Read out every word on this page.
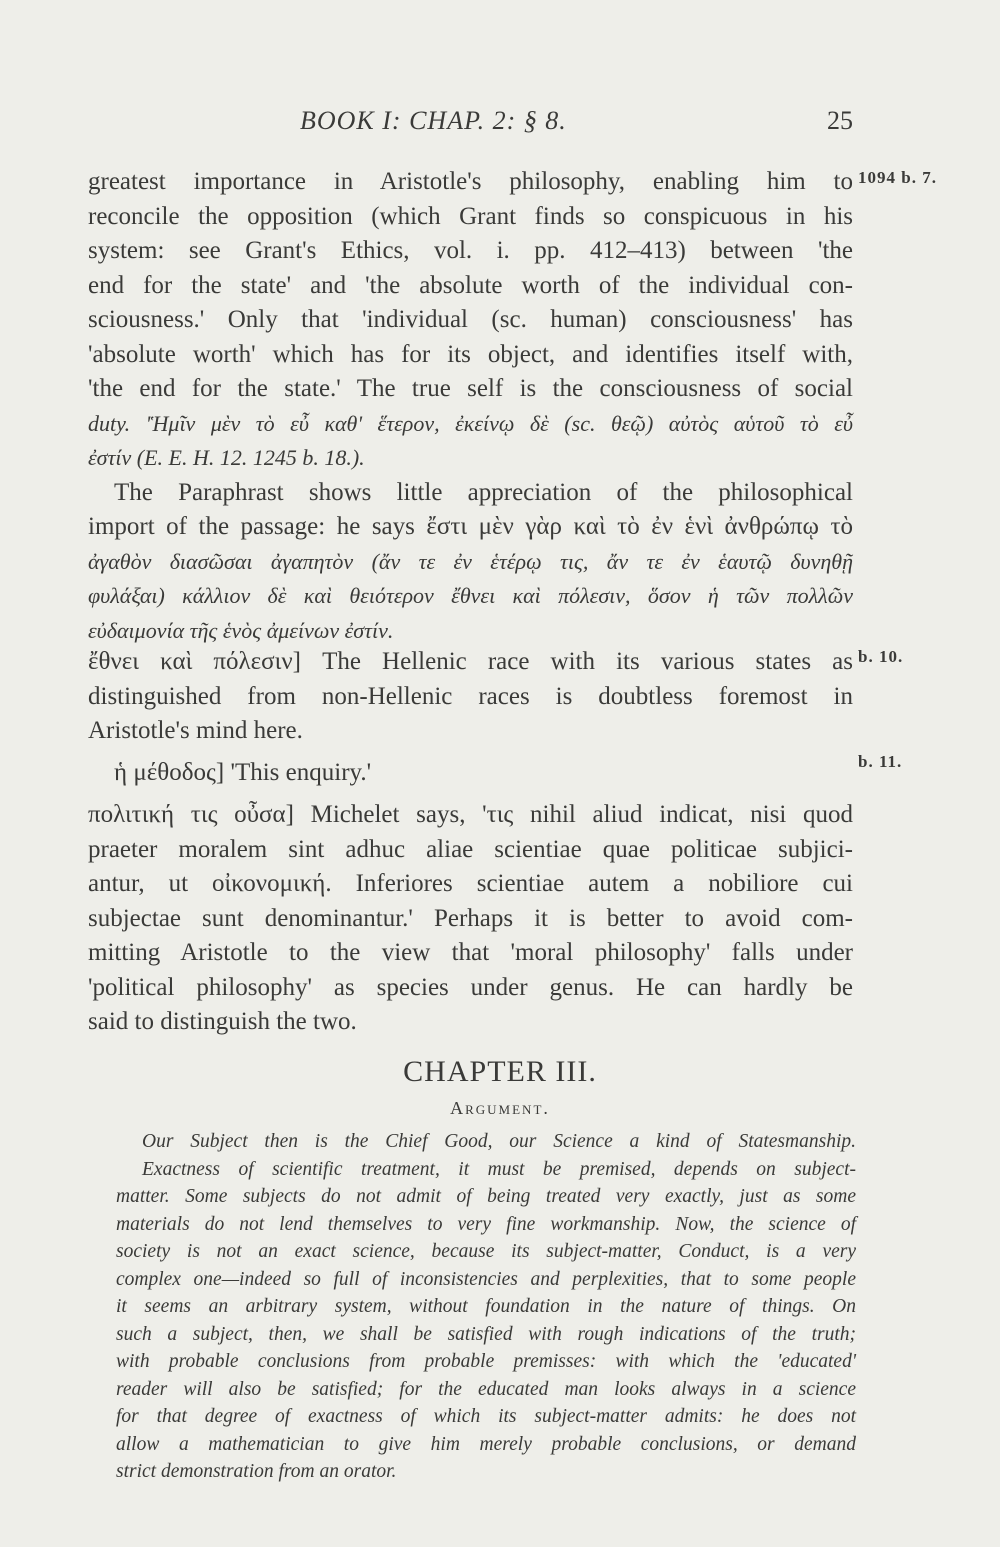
BOOK I: CHAP. 2: § 8.	25
greatest importance in Aristotle's philosophy, enabling him to
reconcile the opposition (which Grant finds so conspicuous in his
system: see Grant's Ethics, vol. i. pp. 412–413) between 'the
end for the state' and 'the absolute worth of the individual con-
sciousness.' Only that 'individual (sc. human) consciousness' has
'absolute worth' which has for its object, and identifies itself with,
'the end for the state.' The true self is the consciousness of social
duty. 'Ἡμῖν μὲν τὸ εὖ καθ' ἕτερον, ἐκείνῳ δὲ (sc. θεῷ) αὐτὸς αὑτοῦ τὸ εὖ
ἐστίν (E. E. H. 12. 1245 b. 18.).
The Paraphrast shows little appreciation of the philosophical
import of the passage: he says ἔστι μὲν γὰρ καὶ τὸ ἐν ἑνὶ ἀνθρώπῳ τὸ
ἀγαθὸν διασῶσαι ἀγαπητὸν (ἄν τε ἐν ἑτέρῳ τις, ἄν τε ἐν ἑαυτῷ δυνηθῇ
φυλάξαι) κάλλιον δὲ καὶ θειότερον ἔθνει καὶ πόλεσιν, ὅσον ἡ τῶν πολλῶν
εὐδαιμονία τῆς ἑνὸς ἀμείνων ἐστίν.
ἔθνει καὶ πόλεσιν] The Hellenic race with its various states as
distinguished from non-Hellenic races is doubtless foremost in
Aristotle's mind here.
ἡ μέθοδος] 'This enquiry.'
πολιτική τις οὖσα] Michelet says, 'τις nihil aliud indicat, nisi quod
praeter moralem sint adhuc aliae scientiae quae politicae subjici-
antur, ut οἰκονομική. Inferiores scientiae autem a nobiliore cui
subjectae sunt denominantur.' Perhaps it is better to avoid com-
mitting Aristotle to the view that 'moral philosophy' falls under
'political philosophy' as species under genus. He can hardly be
said to distinguish the two.
1094 b. 7.
b. 10.
b. 11.
CHAPTER III.
Argument.
Our Subject then is the Chief Good, our Science a kind of Statesmanship.
Exactness of scientific treatment, it must be premised, depends on subject-
matter. Some subjects do not admit of being treated very exactly, just as some
materials do not lend themselves to very fine workmanship. Now, the science of
society is not an exact science, because its subject-matter, Conduct, is a very
complex one—indeed so full of inconsistencies and perplexities, that to some people
it seems an arbitrary system, without foundation in the nature of things. On
such a subject, then, we shall be satisfied with rough indications of the truth;
with probable conclusions from probable premisses: with which the 'educated'
reader will also be satisfied; for the educated man looks always in a science
for that degree of exactness of which its subject-matter admits: he does not
allow a mathematician to give him merely probable conclusions, or demand
strict demonstration from an orator.
